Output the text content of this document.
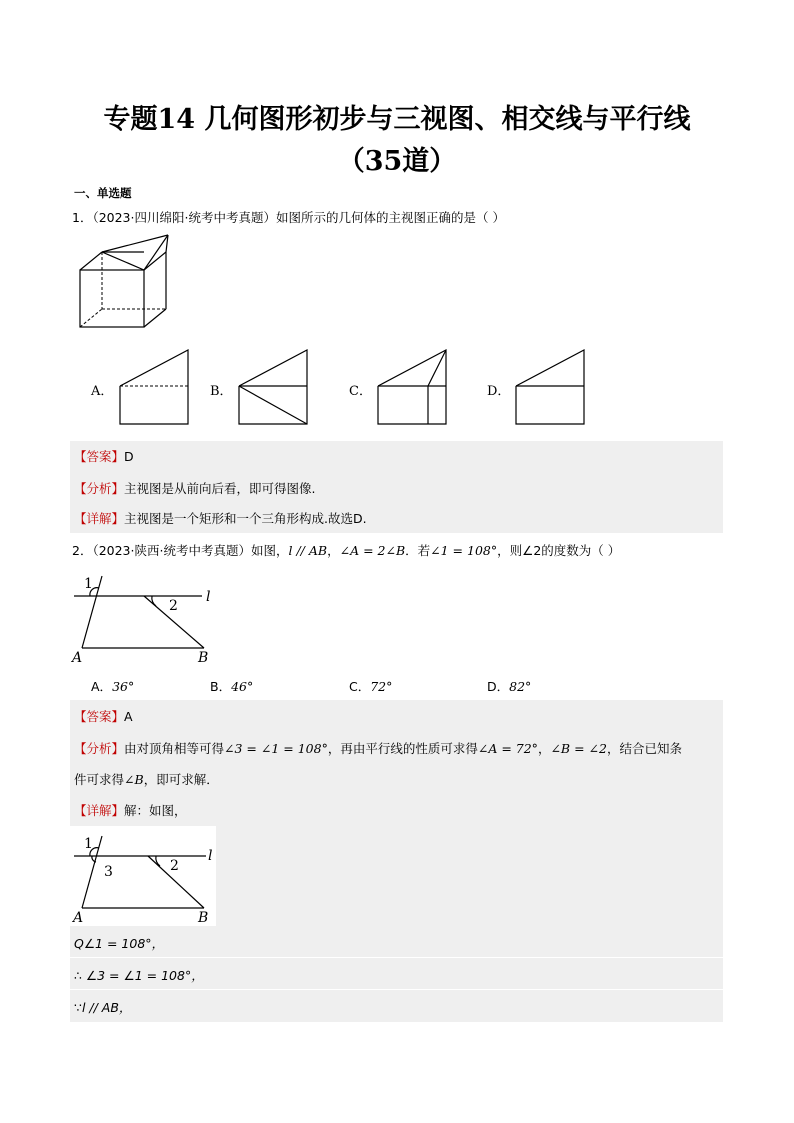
专题14 几何图形初步与三视图、相交线与平行线
（35道）
一、单选题
1．（2023·四川绵阳·统考中考真题）如图所示的几何体的主视图正确的是（ ）
A．	B．	C．	D．
【答案】D
【分析】主视图是从前向后看，即可得图像.
【详解】主视图是一个矩形和一个三角形构成.故选D.
2．（2023·陕西·统考中考真题）如图，l // AB，∠A = 2∠B．若∠1 = 108°，则∠2的度数为（ ）
1
2
l
A	B
A．36°	B．46°	C．72°	D．82°
【答案】A
【分析】由对顶角相等可得∠3 = ∠1 = 108°，再由平行线的性质可求得∠A = 72°，∠B = ∠2，结合已知条
件可求得∠B，即可求解．
【详解】解：如图，
1
2
3
l
A	B
Q∠1 = 108°，
∴ ∠3 = ∠1 = 108°，
∵l // AB，
